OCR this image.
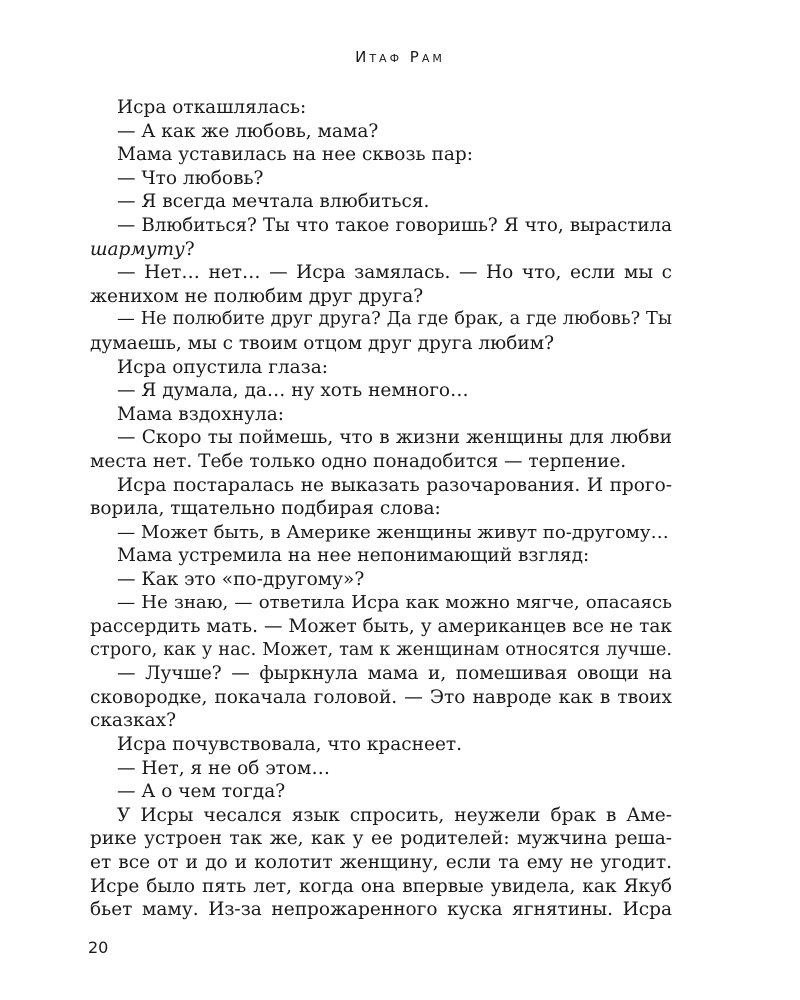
Итаф Рам
Исра откашлялась:
— А как же любовь, мама?
Мама уставилась на нее сквозь пар:
— Что любовь?
— Я всегда мечтала влюбиться.
— Влюбиться? Ты что такое говоришь? Я что, вырастила
шармуту?
— Нет… нет… — Исра замялась. — Но что, если мы с
женихом не полюбим друг друга?
— Не полюбите друг друга? Да где брак, а где любовь? Ты
думаешь, мы с твоим отцом друг друга любим?
Исра опустила глаза:
— Я думала, да… ну хоть немного…
Мама вздохнула:
— Скоро ты поймешь, что в жизни женщины для любви
места нет. Тебе только одно понадобится — терпение.
Исра постаралась не выказать разочарования. И прого-
ворила, тщательно подбирая слова:
— Может быть, в Америке женщины живут по-другому…
Мама устремила на нее непонимающий взгляд:
— Как это «по-другому»?
— Не знаю, — ответила Исра как можно мягче, опасаясь
рассердить мать. — Может быть, у американцев все не так
строго, как у нас. Может, там к женщинам относятся лучше.
— Лучше? — фыркнула мама и, помешивая овощи на
сковородке, покачала головой. — Это навроде как в твоих
сказках?
Исра почувствовала, что краснеет.
— Нет, я не об этом…
— А о чем тогда?
У Исры чесался язык спросить, неужели брак в Аме-
рике устроен так же, как у ее родителей: мужчина реша-
ет все от и до и колотит женщину, если та ему не угодит.
Исре было пять лет, когда она впервые увидела, как Якуб
бьет маму. Из-за непрожаренного куска ягнятины. Исра
20
